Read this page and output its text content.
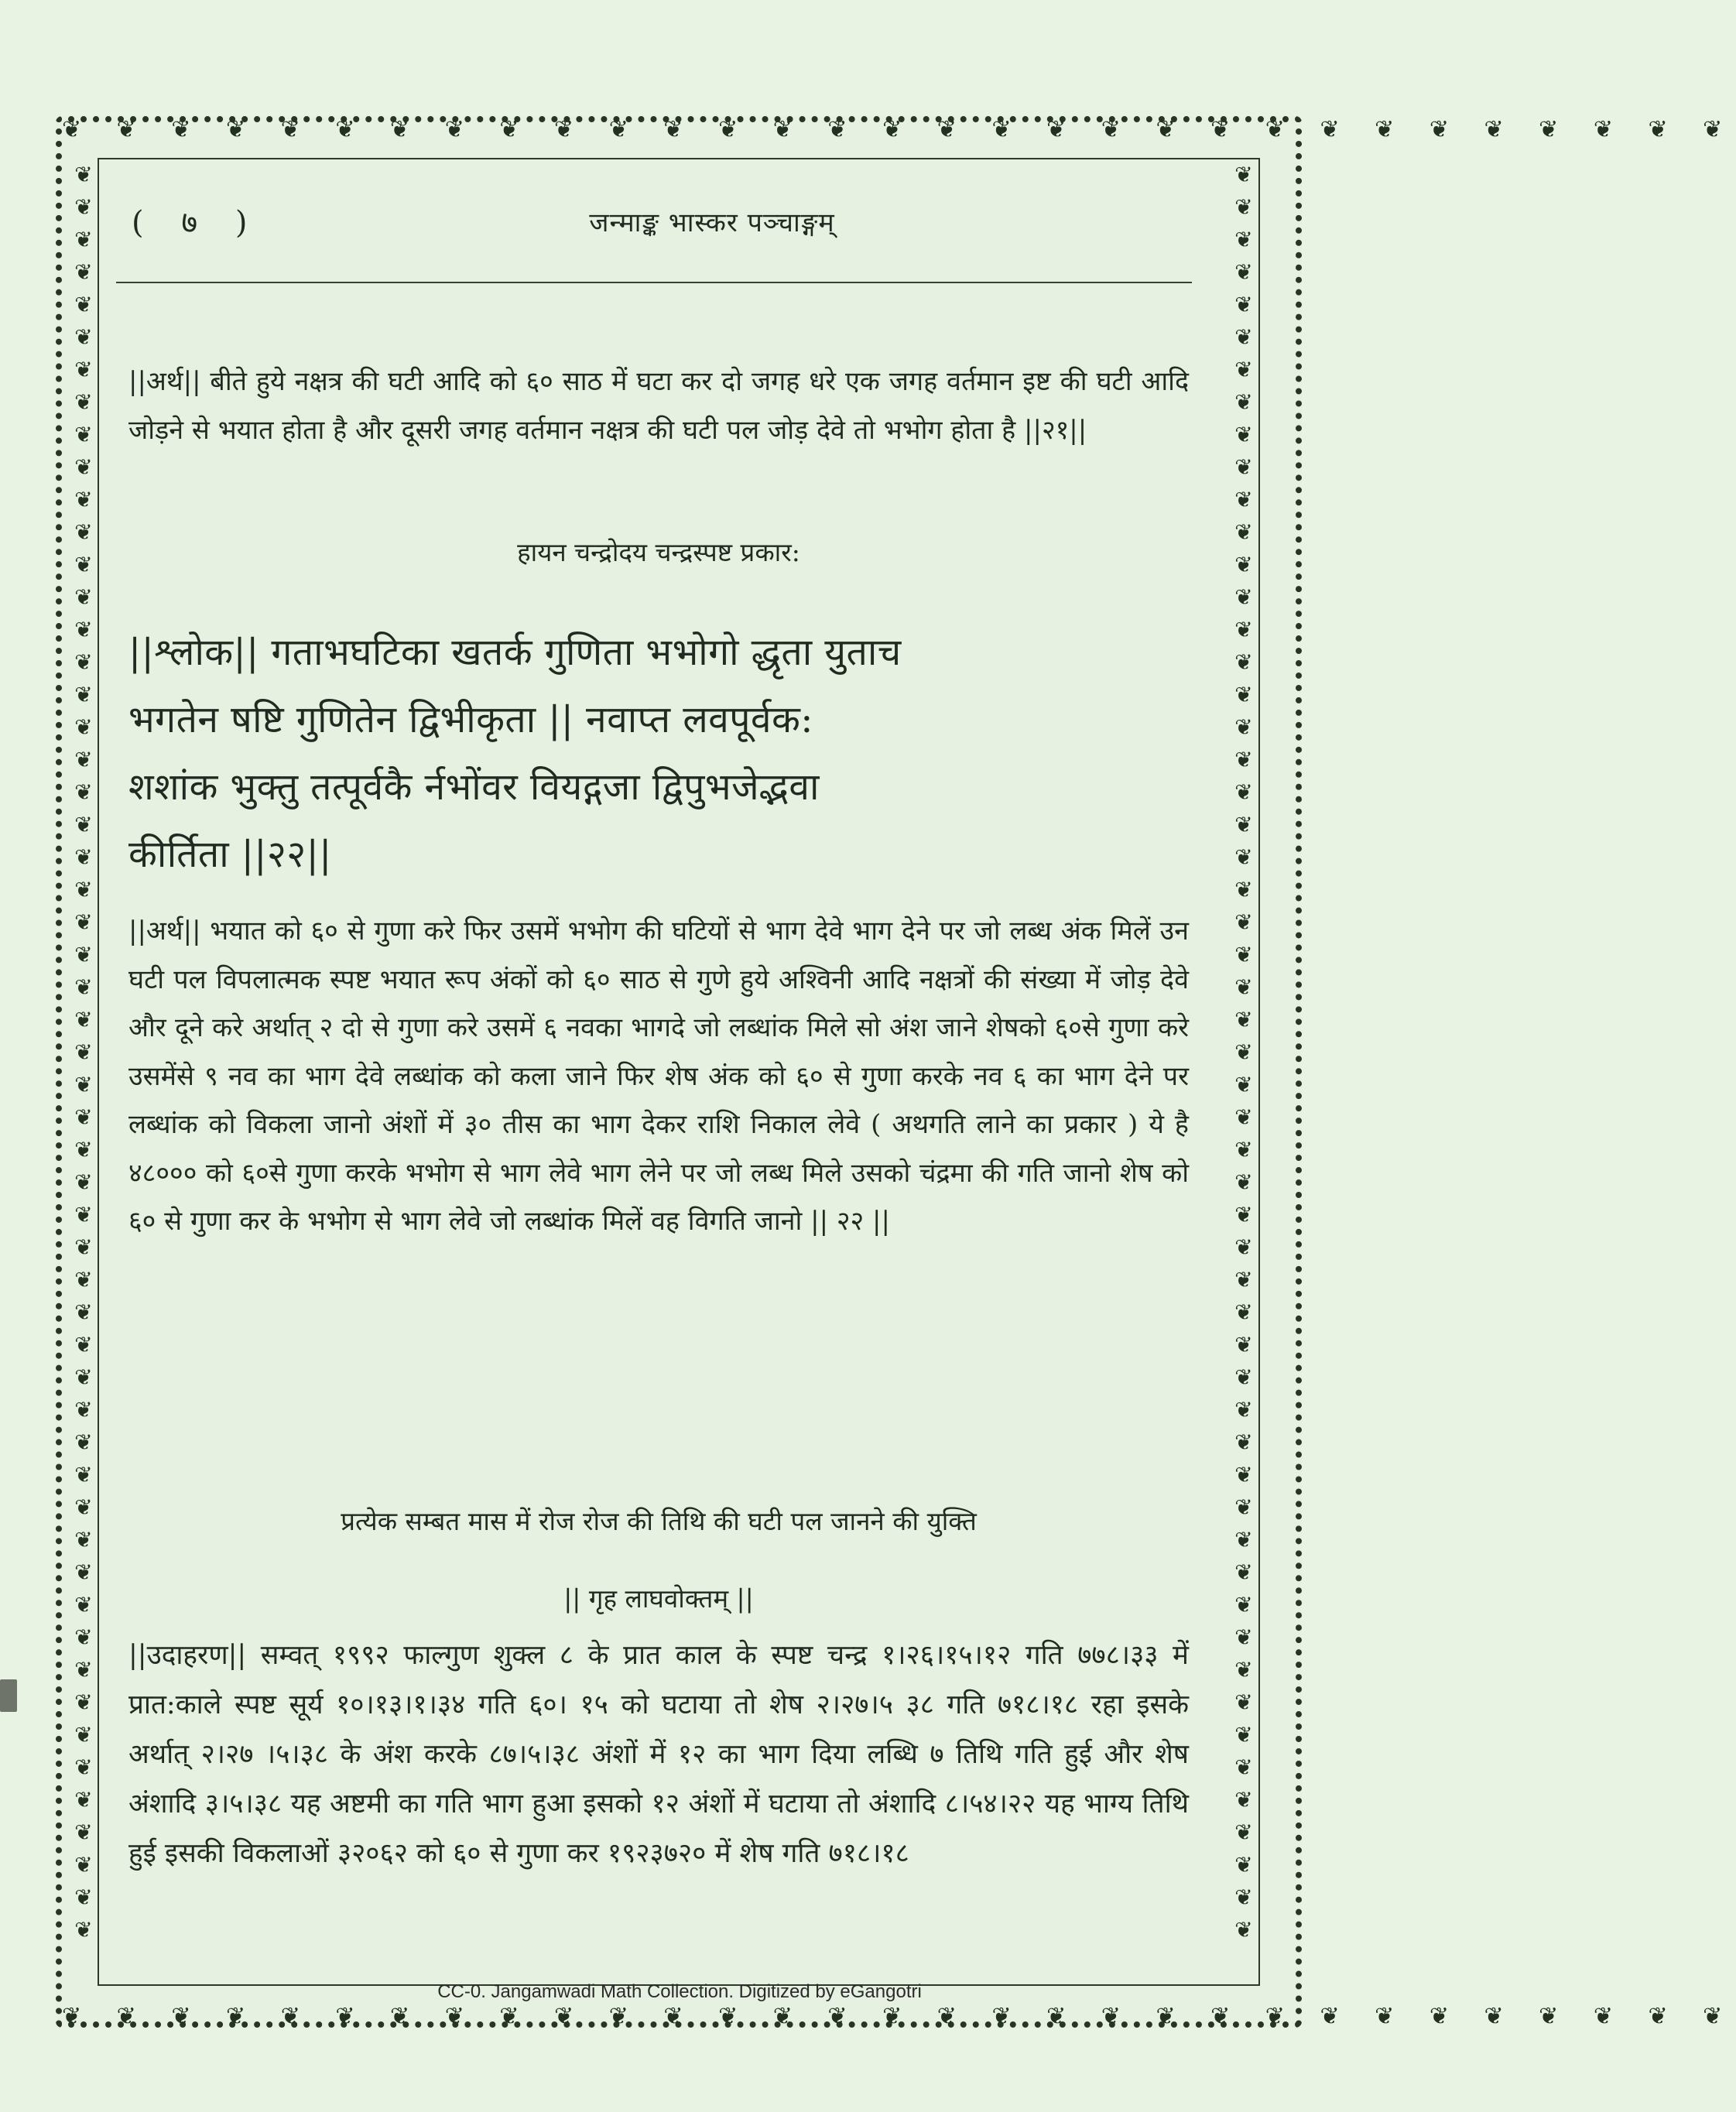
❦ ❦ ❦ ❦ ❦ ❦ ❦ ❦ ❦ ❦ ❦ ❦ ❦ ❦ ❦ ❦ ❦ ❦ ❦ ❦ ❦ ❦ ❦ ❦ ❦ ❦ ❦ ❦ ❦ ❦ ❦
❦ ❦ ❦ ❦ ❦ ❦ ❦ ❦ ❦ ❦ ❦ ❦ ❦ ❦ ❦ ❦ ❦ ❦ ❦ ❦ ❦ ❦ ❦ ❦ ❦ ❦ ❦ ❦ ❦ ❦ ❦
❦
❦
❦
❦
❦
❦
❦
❦
❦
❦
❦
❦
❦
❦
❦
❦
❦
❦
❦
❦
❦
❦
❦
❦
❦
❦
❦
❦
❦
❦
❦
❦
❦
❦
❦
❦
❦
❦
❦
❦
❦
❦
❦
❦
❦
❦
❦
❦
❦
❦
❦
❦
❦
❦
❦
❦
❦
❦
❦
❦
❦
❦
❦
❦
❦
❦
❦
❦
❦
❦
❦
❦
❦
❦
❦
❦
❦
❦
❦
❦
❦
❦
❦
❦
❦
❦
❦
❦
❦
❦
❦
❦
❦
❦
❦
❦
❦
❦
❦
❦
❦
❦
❦
❦
❦
❦
❦
❦
❦
❦
( ७ )	जन्माङ्क भास्कर पञ्चाङ्गम्
||अर्थ|| बीते हुये नक्षत्र की घटी आदि को ६० साठ में घटा कर दो जगह धरे एक जगह वर्तमान इष्ट की घटी आदि जोड़ने से भयात होता है और दूसरी जगह वर्तमान नक्षत्र की घटी पल जोड़ देवे तो भभोग होता है ||२१||
हायन चन्द्रोदय चन्द्रस्पष्ट प्रकार:
||श्लोक|| गताभघटिका खतर्क गुणिता भभोगो द्धृता युताच
भगतेन षष्टि गुणितेन द्विभीकृता || नवाप्त लवपूर्वक:
शशांक भुक्तु तत्पूर्वकै र्नभोंवर वियद्गजा द्विपुभजेद्भवा
कीर्तिता ||२२||
||अर्थ|| भयात को ६० से गुणा करे फिर उसमें भभोग की घटियों से भाग देवे भाग देने पर जो लब्ध अंक मिलें उन घटी पल विपलात्मक स्पष्ट भयात रूप अंकों को ६० साठ से गुणे हुये अश्विनी आदि नक्षत्रों की संख्या में जोड़ देवे और दूने करे अर्थात् २ दो से गुणा करे उसमें ६ नवका भागदे जो लब्धांक मिले सो अंश जाने शेषको ६०से गुणा करे उसमेंसे ९ नव का भाग देवे लब्धांक को कला जाने फिर शेष अंक को ६० से गुणा करके नव ६ का भाग देने पर लब्धांक को विकला जानो अंशों में ३० तीस का भाग देकर राशि निकाल लेवे ( अथगति लाने का प्रकार ) ये है ४८००० को ६०से गुणा करके भभोग से भाग लेवे भाग लेने पर जो लब्ध मिले उसको चंद्रमा की गति जानो शेष को ६० से गुणा कर के भभोग से भाग लेवे जो लब्धांक मिलें वह विगति जानो || २२ ||
प्रत्येक सम्बत मास में रोज रोज की तिथि की घटी पल जानने की युक्ति
|| गृह लाघवोक्तम् ||
||उदाहरण|| सम्वत् १९९२ फाल्गुण शुक्ल ८ के प्रात काल के स्पष्ट चन्द्र १।२६।१५।१२ गति ७७८।३३ में प्रात:काले स्पष्ट सूर्य १०।१३।१।३४ गति ६०। १५ को घटाया तो शेष २।२७।५ ३८ गति ७१८।१८ रहा इसके अर्थात् २।२७ ।५।३८ के अंश करके ८७।५।३८ अंशों में १२ का भाग दिया लब्धि ७ तिथि गति हुई और शेष अंशादि ३।५।३८ यह अष्टमी का गति भाग हुआ इसको १२ अंशों में घटाया तो अंशादि ८।५४।२२ यह भाग्य तिथि हुई इसकी विकलाओं ३२०६२ को ६० से गुणा कर १९२३७२० में शेष गति ७१८।१८
CC-0. Jangamwadi Math Collection. Digitized by eGangotri
